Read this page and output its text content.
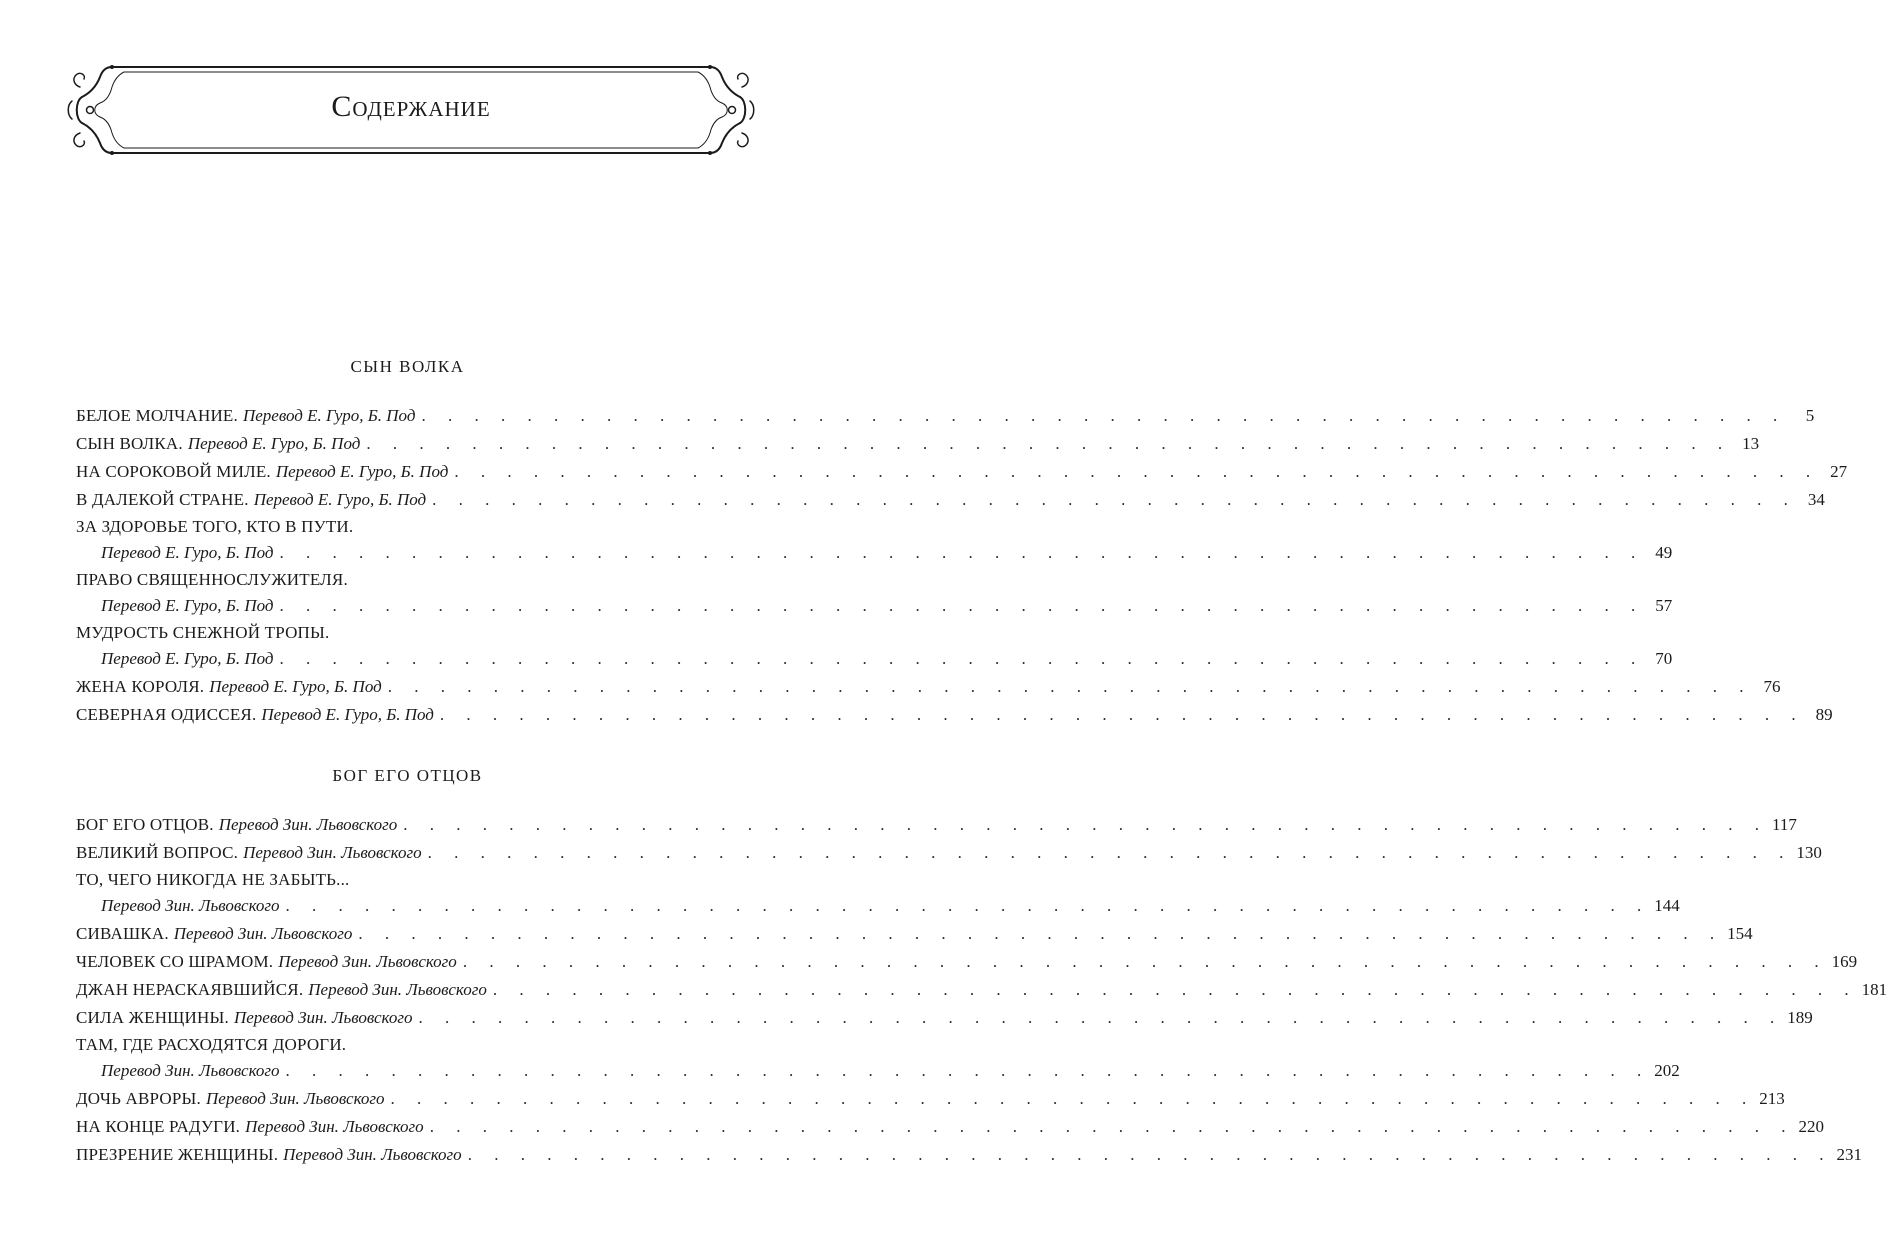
Содержание
СЫН ВОЛКА
БЕЛОЕ МОЛЧАНИЕ. Перевод Е. Гуро, Б. Под . . . . . . . . . . . . . . . . . . . . . . . . . . . . . . . . . . . . . . . . . . . . . . . . . . . .	5
СЫН ВОЛКА. Перевод Е. Гуро, Б. Под . . . . . . . . . . . . . . . . . . . . . . . . . . . . . . . . . . . . . . . . . . . . . . . . . . . . 13
НА СОРОКОВОЙ МИЛЕ. Перевод Е. Гуро, Б. Под . . . . . . . . . . . . . . . . . . . . . . . . . . . . . . . . . . . . . . . . . . . . . . . . . . . . 27
В ДАЛЕКОЙ СТРАНЕ. Перевод Е. Гуро, Б. Под . . . . . . . . . . . . . . . . . . . . . . . . . . . . . . . . . . . . . . . . . . . . . . . . . . . . 34
ЗА ЗДОРОВЬЕ ТОГО, КТО В ПУТИ.
Перевод Е. Гуро, Б. Под . . . . . . . . . . . . . . . . . . . . . . . . . . . . . . . . . . . . . . . . . . . . . . . . . . . . 49
ПРАВО СВЯЩЕННОСЛУЖИТЕЛЯ.
Перевод Е. Гуро, Б. Под . . . . . . . . . . . . . . . . . . . . . . . . . . . . . . . . . . . . . . . . . . . . . . . . . . . . 57
МУДРОСТЬ СНЕЖНОЙ ТРОПЫ.
Перевод Е. Гуро, Б. Под . . . . . . . . . . . . . . . . . . . . . . . . . . . . . . . . . . . . . . . . . . . . . . . . . . . . 70
ЖЕНА КОРОЛЯ. Перевод Е. Гуро, Б. Под . . . . . . . . . . . . . . . . . . . . . . . . . . . . . . . . . . . . . . . . . . . . . . . . . . . . 76
СЕВЕРНАЯ ОДИССЕЯ. Перевод Е. Гуро, Б. Под . . . . . . . . . . . . . . . . . . . . . . . . . . . . . . . . . . . . . . . . . . . . . . . . . . . . 89
БОГ ЕГО ОТЦОВ
БОГ ЕГО ОТЦОВ. Перевод Зин. Львовского . . . . . . . . . . . . . . . . . . . . . . . . . . . . . . . . . . . . . . . . . . . . . . . . . . . . 117
ВЕЛИКИЙ ВОПРОС. Перевод Зин. Львовского . . . . . . . . . . . . . . . . . . . . . . . . . . . . . . . . . . . . . . . . . . . . . . . . . . . . 130
ТО, ЧЕГО НИКОГДА НЕ ЗАБЫТЬ...
Перевод Зин. Львовского . . . . . . . . . . . . . . . . . . . . . . . . . . . . . . . . . . . . . . . . . . . . . . . . . . . . 144
СИВАШКА. Перевод Зин. Львовского . . . . . . . . . . . . . . . . . . . . . . . . . . . . . . . . . . . . . . . . . . . . . . . . . . . . 154
ЧЕЛОВЕК СО ШРАМОМ. Перевод Зин. Львовского . . . . . . . . . . . . . . . . . . . . . . . . . . . . . . . . . . . . . . . . . . . . . . . . . . . . 169
ДЖАН НЕРАСКАЯВШИЙСЯ. Перевод Зин. Львовского . . . . . . . . . . . . . . . . . . . . . . . . . . . . . . . . . . . . . . . . . . . . . . . . . . . . 181
СИЛА ЖЕНЩИНЫ. Перевод Зин. Львовского . . . . . . . . . . . . . . . . . . . . . . . . . . . . . . . . . . . . . . . . . . . . . . . . . . . . 189
ТАМ, ГДЕ РАСХОДЯТСЯ ДОРОГИ.
Перевод Зин. Львовского . . . . . . . . . . . . . . . . . . . . . . . . . . . . . . . . . . . . . . . . . . . . . . . . . . . . 202
ДОЧЬ АВРОРЫ. Перевод Зин. Львовского . . . . . . . . . . . . . . . . . . . . . . . . . . . . . . . . . . . . . . . . . . . . . . . . . . . . 213
НА КОНЦЕ РАДУГИ. Перевод Зин. Львовского . . . . . . . . . . . . . . . . . . . . . . . . . . . . . . . . . . . . . . . . . . . . . . . . . . . . 220
ПРЕЗРЕНИЕ ЖЕНЩИНЫ. Перевод Зин. Львовского . . . . . . . . . . . . . . . . . . . . . . . . . . . . . . . . . . . . . . . . . . . . . . . . . . . . 231
